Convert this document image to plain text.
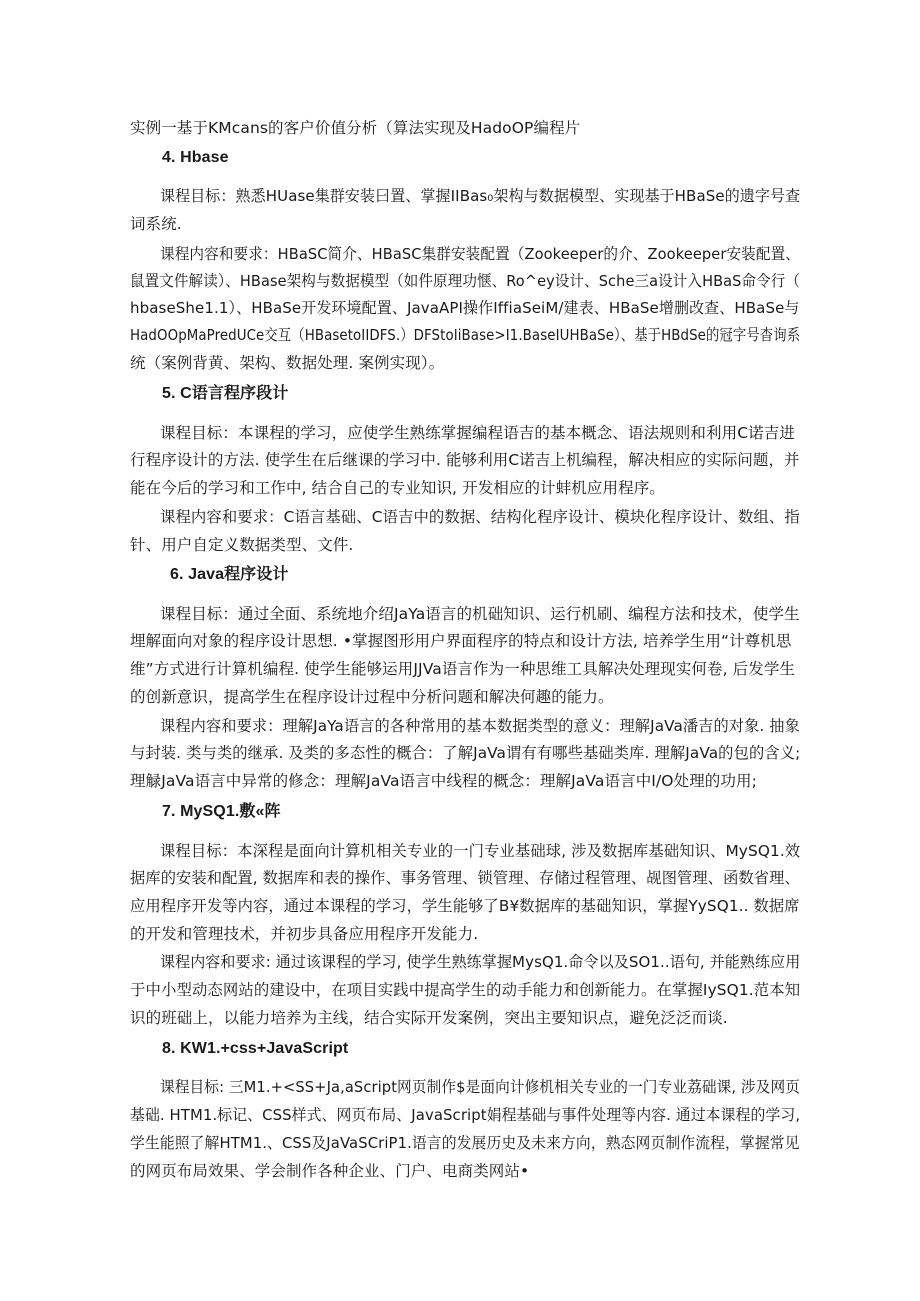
实例一基于KMcans的客户价值分析（算法实现及HadoOP编程片
4. Hbase
课程目标：熟悉HUase集群安装曰置、掌握IIBas₀架构与数据模型、实现基于HBaSe的遗字号查
词系统.
课程内容和要求：HBaSC简介、HBaSC集群安装配置（Zookeeper的介、Zookeeper安装配置、
鼠置文件解读）、HBase架构与数据模型（如件原理功惬、Ro^ey设计、Sche三a设计入HBaS命令行（
hbaseShe1.1）、HBaSe开发环境配置、JavaAPI操作IffiaSeiM/建表、HBaSe增删改查、HBaSe与
HadOOpMaPredUCe交互（HBasetoIIDFS.）DFStoIiBase>I1.BaseIUHBaSe）、基于HBdSe的冠字号杳询系
统（案例背黄、架构、数据处理. 案例实现）。
5. C语言程序段计
课程目标：本课程的学习，应使学生熟练掌握编程语吉的基本概念、语法规则和利用C诺吉进
行程序设计的方法. 使学生在后继课的学习中. 能够利用C诺吉上机编程，解决相应的实际问题，并
能在今后的学习和工作中, 结合自己的专业知识, 开发相应的计蚌机应用程序。
课程内容和要求：C语言基础、C语吉中的数据、结构化程序设计、模块化程序设计、数组、指
针、用户自定义数据类型、文件.
6. Java程序设计
课程目标：通过全面、系统地介绍JaYa语言的机础知识、运行机刷、编程方法和技术，使学生
埋解面向对象的程序设计思想. •掌握图形用户界面程序的特点和设计方法, 培养学生用“计尊机思
维”方式进行计算机编程. 使学生能够运用JJVa语言作为一种思维工具解决处理现实何卷, 后发学生
的创新意识，提高学生在程序设计过程中分析问题和解决何趣的能力。
课程内容和要求：理解JaYa语言的各种常用的基本数据类型的意义：理解JaVa潘吉的对象. 抽象
与封装. 类与类的继承. 及类的多态性的概合：了解JaVa谓有有哪些基础类库. 理解JaVa的包的含义;
理觮JaVa语言中异常的修念：理解JaVa语言中线程的概念：理解JaVa语言中I/O处理的功用;
7. MySQ1.敷«阵
课程目标：本深程是面向计算机相关专业的一门专业基础球, 涉及数据库基础知识、MySQ1.效
据库的安装和配置, 数据库和表的操作、事务管理、锁管理、存储过程管理、觇图管理、函数省理、
应用程序开发等内容，通过本课程的学习，学生能够了B¥数据库的基础知识，掌握YySQ1.. 数据席
的开发和管理技术，并初步具备应用程序开发能力.
课程内容和要求: 通过该课程的学习, 使学生熟练掌握MysQ1.命令以及SO1..语句, 并能熟练应用
于中小型动态网站的建设中，在项目实践中提高学生的动手能力和创新能力。在掌握IySQ1.范本知
识的班础上，以能力培养为主线，结合实际开发案例，突出主要知识点，避免泛泛而谈.
8. KW1.+css+JavaScript
课程目标: 三M1.+<SS+Ja,aScript网页制作$是面向计修机相关专业的一门专业荔础课, 涉及网页
基础. HTM1.标记、CSS样式、网页布局、JavaScript娟程基础与事件处理等内容. 通过本课程的学习,
学生能照了解HTM1.、CSS及JaVaSCriP1.语言的发展历史及未来方向，熟态网页制作流程，掌握常见
的网页布局效果、学会制作各种企业、门户、电商类网站•
